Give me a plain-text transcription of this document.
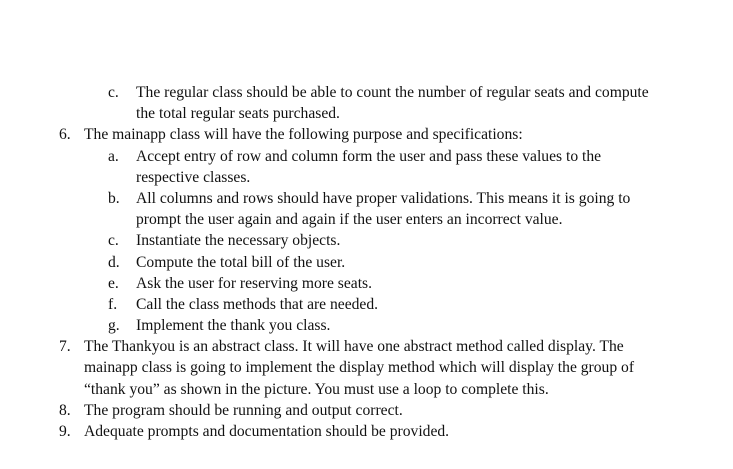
c. The regular class should be able to count the number of regular seats and compute
the total regular seats purchased.
6. The mainapp class will have the following purpose and specifications:
a. Accept entry of row and column form the user and pass these values to the
respective classes.
b. All columns and rows should have proper validations. This means it is going to
prompt the user again and again if the user enters an incorrect value.
c. Instantiate the necessary objects.
d. Compute the total bill of the user.
e. Ask the user for reserving more seats.
f. Call the class methods that are needed.
g. Implement the thank you class.
7. The Thankyou is an abstract class. It will have one abstract method called display. The
mainapp class is going to implement the display method which will display the group of
“thank you” as shown in the picture. You must use a loop to complete this.
8. The program should be running and output correct.
9. Adequate prompts and documentation should be provided.
